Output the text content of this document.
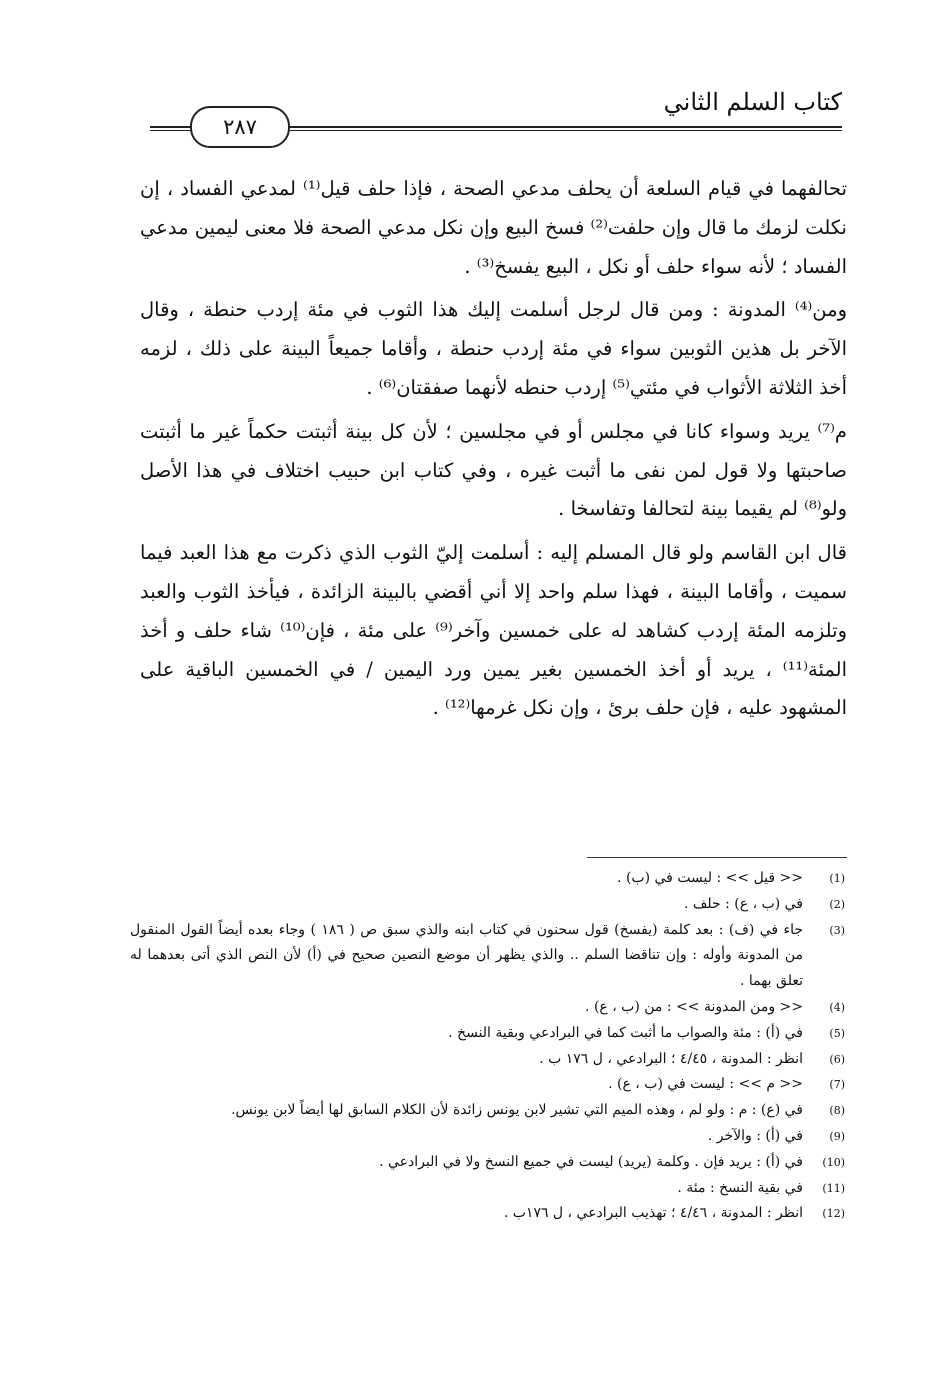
كتاب السلم الثاني
٢٨٧

تحالفهما في قيام السلعة أن يحلف مدعي الصحة ، فإذا حلف قيل⁽¹⁾ لمدعي الفساد ، إن نكلت لزمك ما قال وإن حلفت⁽²⁾ فسخ البيع وإن نكل مدعي الصحة فلا معنى ليمين مدعي الفساد ؛ لأنه سواء حلف أو نكل ، البيع يفسخ⁽³⁾ .

ومن⁽⁴⁾ المدونة : ومن قال لرجل أسلمت إليك هذا الثوب في مئة إردب حنطة ، وقال الآخر بل هذين الثوبين سواء في مئة إردب حنطة ، وأقاما جميعاً البينة على ذلك ، لزمه أخذ الثلاثة الأثواب في مئتي⁽⁵⁾ إردب حنطه لأنهما صفقتان⁽⁶⁾ .

م⁽⁷⁾ يريد وسواء كانا في مجلس أو في مجلسين ؛ لأن كل بينة أثبتت حكماً غير ما أثبتت صاحبتها ولا قول لمن نفى ما أثبت غيره ، وفي كتاب ابن حبيب اختلاف في هذا الأصل ولو⁽⁸⁾ لم يقيما بينة لتحالفا وتفاسخا .

قال ابن القاسم ولو قال المسلم إليه : أسلمت إليّ الثوب الذي ذكرت مع هذا العبد فيما سميت ، وأقاما البينة ، فهذا سلم واحد إلا أني أقضي بالبينة الزائدة ، فيأخذ الثوب والعبد وتلزمه المئة إردب كشاهد له على خمسين وآخر⁽⁹⁾ على مئة ، فإن⁽¹⁰⁾ شاء حلف و أخذ المئة⁽¹¹⁾ ، يريد أو أخذ الخمسين بغير يمين ورد اليمين / في الخمسين الباقية على المشهود عليه ، فإن حلف برئ ، وإن نكل غرمها⁽¹²⁾ .

(1)
<< قيل >> : ليست في (ب) .
(2)
في (ب ، ع) : حلف .
(3)
جاء في (ف) : بعد كلمة (يفسخ) قول سحنون في كتاب ابنه والذي سبق ص ( ١٨٦ ) وجاء بعده أيضاً القول المنقول من المدونة وأوله : وإن تناقضا السلم .. والذي يظهر أن موضع النصين صحيح في (أ) لأن النص الذي أتى بعدهما له تعلق بهما .
(4)
<< ومن المدونة >> : من (ب ، ع) .
(5)
في (أ) : مئة والصواب ما أثبت كما في البرادعي وبقية النسخ .
(6)
انظر : المدونة ، ٤/٤٥ ؛ البرادعي ، ل ١٧٦ ب .
(7)
<< م >> : ليست في (ب ، ع) .
(8)
في (ع) : م : ولو لم ، وهذه الميم التي تشير لابن يونس زائدة لأن الكلام السابق لها أيضاً لابن يونس.
(9)
في (أ) : والآخر .
(10)
في (أ) : يريد فإن . وكلمة (يريد) ليست في جميع النسخ ولا في البرادعي .
(11)
في بقية النسخ : مئة .
(12)
انظر : المدونة ، ٤/٤٦ ؛ تهذيب البرادعي ، ل ١٧٦ب .
